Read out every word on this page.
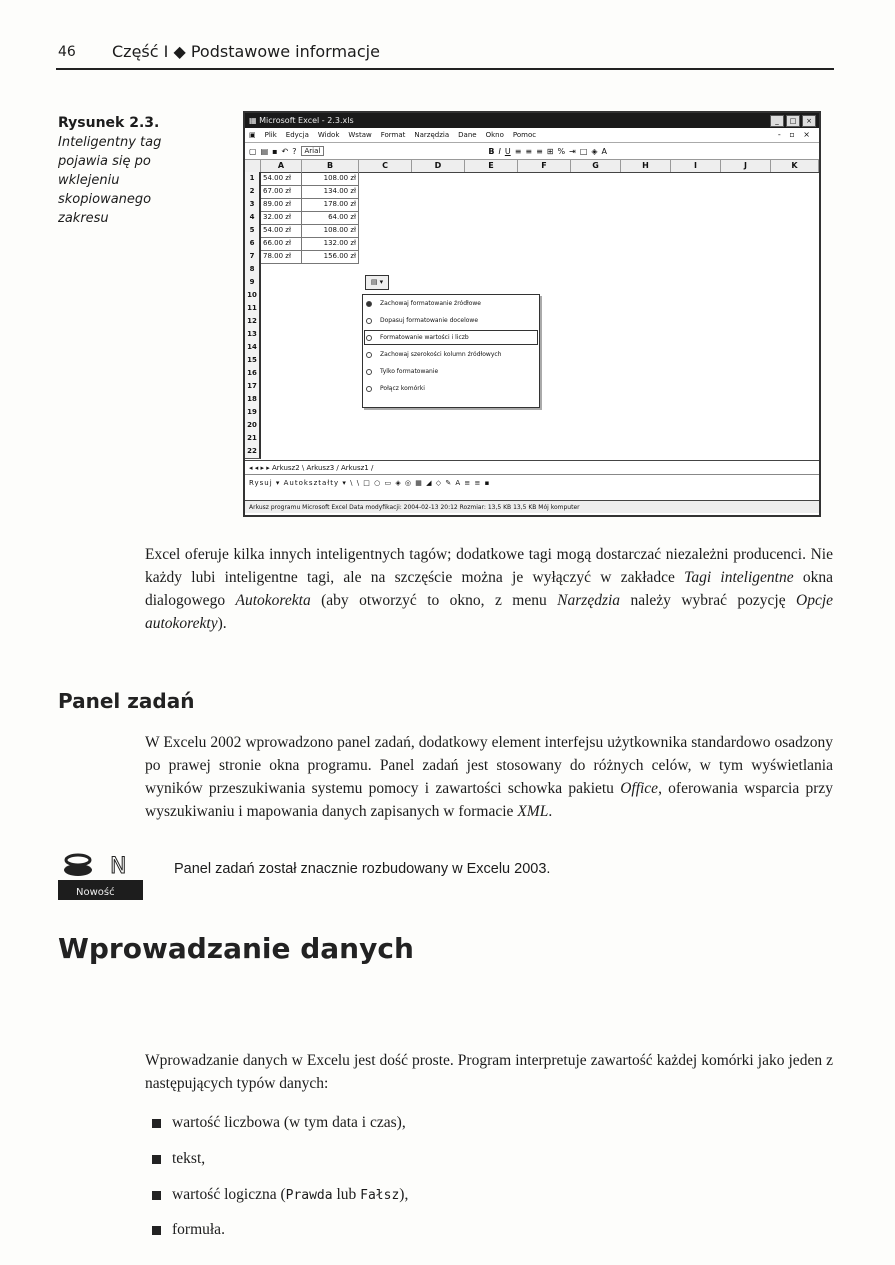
46 Część I ◆ Podstawowe informacje
Rysunek 2.3.
Inteligentny tag pojawia się po wklejeniu skopiowanego zakresu
▦ Microsoft Excel - 2.3.xls	_	□	×
▣ Plik Edycja Widok Wstaw Format Narzędzia Dane Okno Pomoc	- ▫ ×
▢ ▤ ▪ ↶ ?	Arial	B I U ≡ ≡ ≡ ⊞ % ⇥ □ ◈ A
A	B	C	D	E	F	G	H	I	J	K
1	54.00 zł	108.00 zł
2	67.00 zł	134.00 zł
3	89.00 zł	178.00 zł
4	32.00 zł	64.00 zł
5	54.00 zł	108.00 zł
6	66.00 zł	132.00 zł
7	78.00 zł	156.00 zł
8
9
10
11
12
13
14
15
16
17
18
19
20
21
22
▤ ▾
Zachowaj formatowanie źródłowe
Dopasuj formatowanie docelowe
Formatowanie wartości i liczb
Zachowaj szerokości kolumn źródłowych
Tylko formatowanie
Połącz komórki
◂ ◂ ▸ ▸ Arkusz2 \ Arkusz3 / Arkusz1 /
Rysuj ▾ Autokształty ▾ \ \ □ ○ ▭ ◈ ◎ ▦ ◢ ◇ ✎ A ≡ ≡ ▪
Arkusz programu Microsoft Excel Data modyfikacji: 2004-02-13 20:12 Rozmiar: 13,5 KB 13,5 KB Mój komputer
Excel oferuje kilka innych inteligentnych tagów; dodatkowe tagi mogą dostarczać niezależni producenci. Nie każdy lubi inteligentne tagi, ale na szczęście można je wyłączyć w zakładce Tagi inteligentne okna dialogowego Autokorekta (aby otworzyć to okno, z menu Narzędzia należy wybrać pozycję Opcje autokorekty).
Panel zadań
W Excelu 2002 wprowadzono panel zadań, dodatkowy element interfejsu użytkownika standardowo osadzony po prawej stronie okna programu. Panel zadań jest stosowany do różnych celów, w tym wyświetlania wyników przeszukiwania systemu pomocy i zawartości schowka pakietu Office, oferowania wsparcia przy wyszukiwaniu i mapowania danych zapisanych w formacie XML.
N
Nowość
Panel zadań został znacznie rozbudowany w Excelu 2003.
Wprowadzanie danych
Wprowadzanie danych w Excelu jest dość proste. Program interpretuje zawartość każdej komórki jako jeden z następujących typów danych:
wartość liczbowa (w tym data i czas),
tekst,
wartość logiczna ( Prawda lub Fałsz ),
formuła.
